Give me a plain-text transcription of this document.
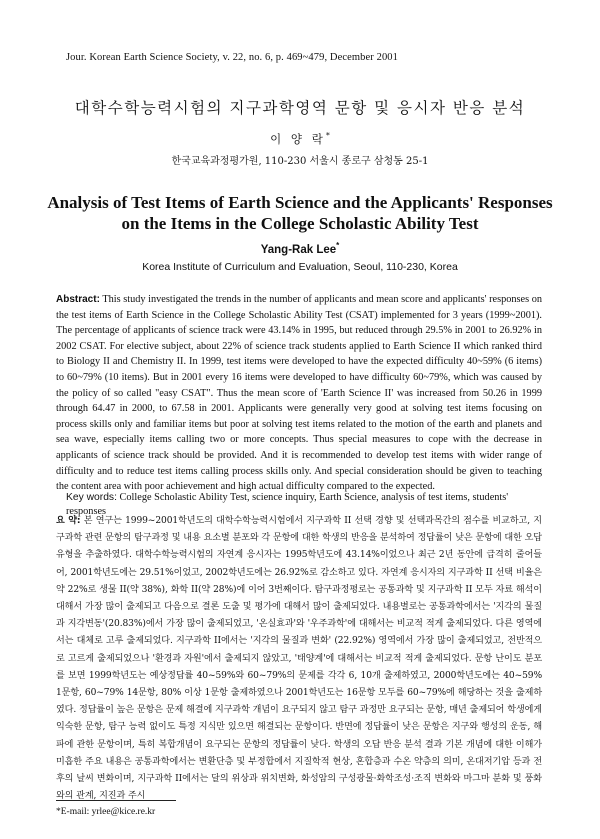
Jour. Korean Earth Science Society, v. 22, no. 6, p. 469~479, December 2001
대학수학능력시험의 지구과학영역 문항 및 응시자 반응 분석
이 양 락*
한국교육과정평가원, 110-230 서울시 종로구 삼청동 25-1
Analysis of Test Items of Earth Science and the Applicants' Responses on the Items in the College Scholastic Ability Test
Yang-Rak Lee*
Korea Institute of Curriculum and Evaluation, Seoul, 110-230, Korea
Abstract: This study investigated the trends in the number of applicants and mean score and applicants' responses on the test items of Earth Science in the College Scholastic Ability Test (CSAT) implemented for 3 years (1999~2001). The percentage of applicants of science track were 43.14% in 1995, but reduced through 29.5% in 2001 to 26.92% in 2002 CSAT. For elective subject, about 22% of science track students applied to Earth Science II which ranked third to Biology II and Chemistry II. In 1999, test items were developed to have the expected difficulty 40~59% (6 items) to 60~79% (10 items). But in 2001 every 16 items were developed to have difficulty 60~79%, which was caused by the policy of so called "easy CSAT". Thus the mean score of 'Earth Science II' was increased from 50.26 in 1999 through 64.47 in 2000, to 67.58 in 2001. Applicants were generally very good at solving test items focusing on process skills only and familiar items but poor at solving test items related to the motion of the earth and planets and sea wave, especially items calling two or more concepts. Thus special measures to cope with the decrease in applicants of science track should be provided. And it is recommended to develop test items with wider range of difficulty and to reduce test items calling process skills only. And special consideration should be given to teaching the content area with poor achievement and high actual difficulty compared to the expected.
Key words: College Scholastic Ability Test, science inquiry, Earth Science, analysis of test items, students' responses
요 약: 본 연구는 1999~2001학년도의 대학수학능력시험에서 지구과학 II 선택 경향 및 선택과목간의 점수를 비교하고, 지구과학 관련 문항의 탐구과정 및 내용 요소별 분포와 각 문항에 대한 학생의 반응을 분석하여 정답률이 낮은 문항에 대한 오답 유형을 추출하였다. 대학수학능력시험의 자연계 응시자는 1995학년도에 43.14%이었으나 최근 2년 동안에 급격히 줄어들어, 2001학년도에는 29.51%이었고, 2002학년도에는 26.92%로 감소하고 있다. 자연계 응시자의 지구과학 II 선택 비율은 약 22%로 생물 II(약 38%), 화학 II(약 28%)에 이어 3번째이다. 탐구과정평로는 공통과학 및 지구과학 II 모두 자료 해석이 대해서 가장 많이 출제되고 다음으로 결론 도출 및 평가에 대해서 많이 출제되었다. 내용별로는 공통과학에서는 '지각의 물질과 지각변동'(20.83%)에서 가장 많이 출제되었고, '온실효과'와 '우주과학'에 대해서는 비교적 적게 출제되었다. 다른 영역에서는 대체로 고루 출제되었다. 지구과학 II에서는 '지각의 물질과 변화' (22.92%) 영역에서 가장 많이 출제되었고, 전반적으로 고르게 출제되었으나 '환경과 자원'에서 출제되지 않았고, '태양계'에 대해서는 비교적 적게 출제되었다. 문항 난이도 분포를 보면 1999학년도는 예상정답률 40~59%와 60~79%의 문제를 각각 6, 10개 출제하였고, 2000학년도에는 40~59% 1문항, 60~79% 14문항, 80% 이상 1문항 출제하였으나 2001학년도는 16문항 모두를 60~79%에 해당하는 것을 출제하였다. 정답률이 높은 문항은 문제 해결에 지구과학 개념이 요구되지 않고 탐구 과정만 요구되는 문항, 매년 출제되어 학생에게 익숙한 문항, 탐구 능력 없이도 특정 지식만 있으면 해결되는 문항이다. 반면에 정답률이 낮은 문항은 지구와 행성의 운동, 해파에 관한 문항이며, 특히 복합개념이 요구되는 문항의 정답률이 낮다. 학생의 오답 반응 분석 결과 기본 개념에 대한 이해가 미흡한 주요 내용은 공통과학에서는 변환단층 및 부정합에서 지질학적 현상, 혼합층과 수온 약층의 의미, 온대저기압 등과 전후의 날씨 변화이며, 지구과학 II에서는 달의 위상과 위치변화, 화성암의 구성광물·화학조성·조직 변화와 마그마 분화 및 풍화와의 관계, 지진과 주시
*E-mail: yrlee@kice.re.kr
